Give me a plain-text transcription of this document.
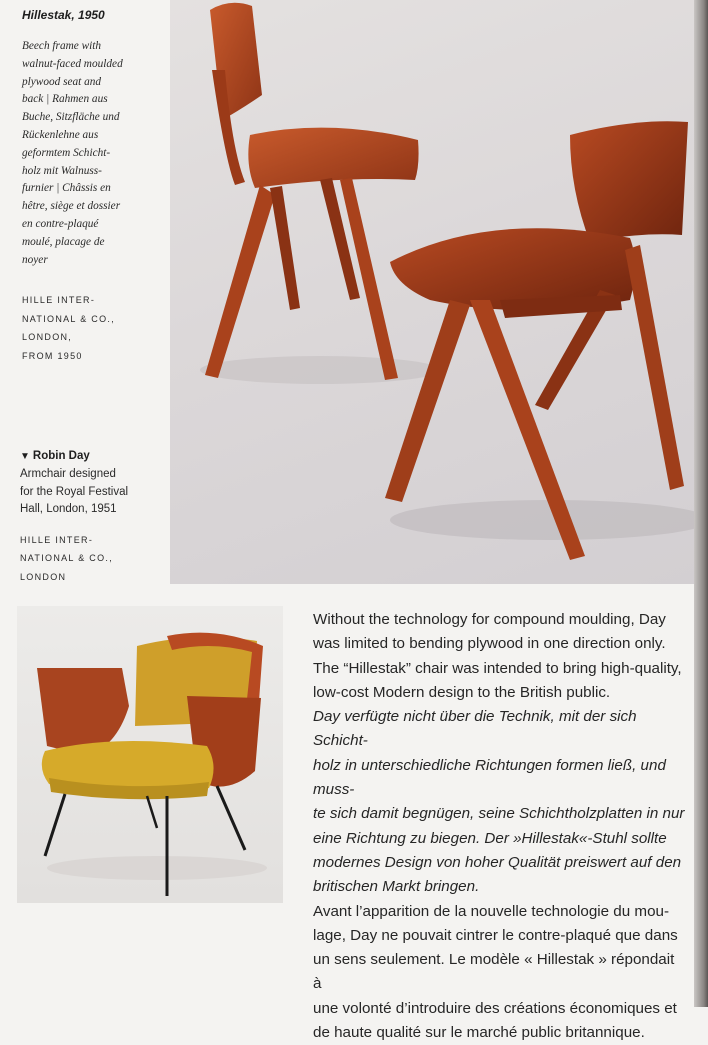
Hillestak, 1950
Beech frame with
walnut-faced moulded
plywood seat and
back | Rahmen aus
Buche, Sitzfläche und
Rückenlehne aus
geformtem Schicht-
holz mit Walnuss-
furnier | Châssis en
hêtre, siège et dossier
en contre-plaqué
moulé, placage de
noyer
HILLE INTER-
NATIONAL & CO.,
LONDON,
FROM 1950
▼ Robin Day
Armchair designed
for the Royal Festival
Hall, London, 1951
HILLE INTER-
NATIONAL & CO.,
LONDON

Without the technology for compound moulding, Day
was limited to bending plywood in one direction only.
The “Hillestak” chair was intended to bring high-quality,
low-cost Modern design to the British public.

Day verfügte nicht über die Technik, mit der sich Schicht-
holz in unterschiedliche Richtungen formen ließ, und muss-
te sich damit begnügen, seine Schichtholzplatten in nur
eine Richtung zu biegen. Der »Hillestak«-Stuhl sollte
modernes Design von hoher Qualität preiswert auf den
britischen Markt bringen.

Avant l’apparition de la nouvelle technologie du mou-
lage, Day ne pouvait cintrer le contre-plaqué que dans
un sens seulement. Le modèle « Hillestak » répondait à
une volonté d’introduire des créations économiques et
de haute qualité sur le marché public britannique.
